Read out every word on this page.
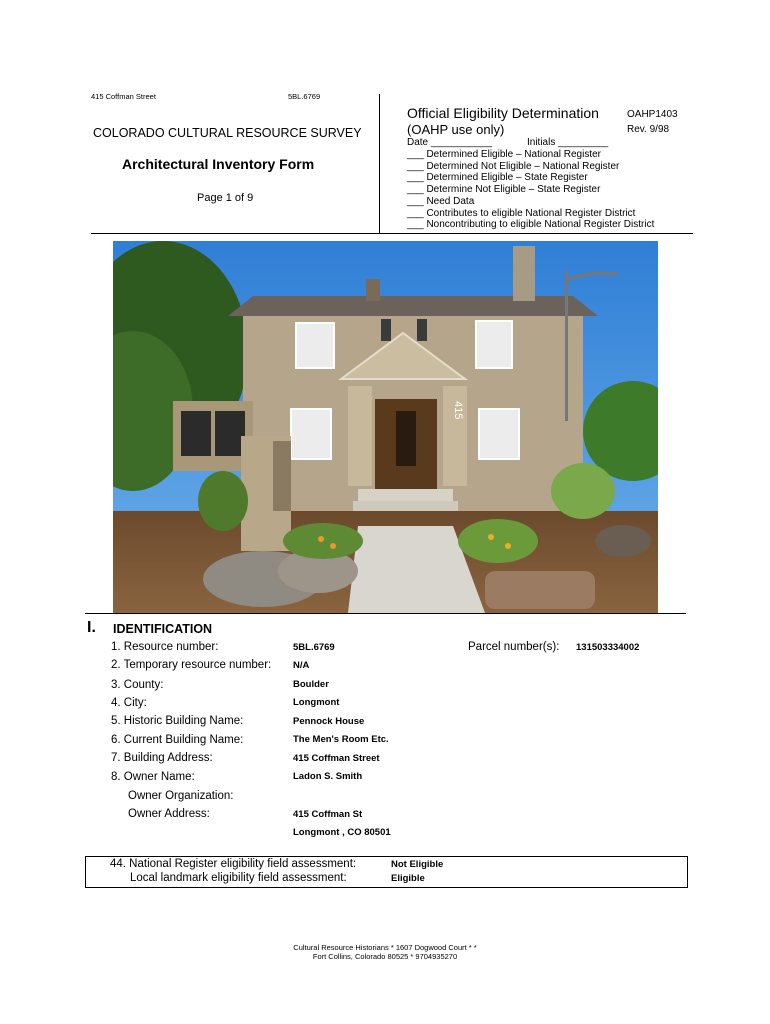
415 Coffman Street	5BL.6769
COLORADO CULTURAL RESOURCE SURVEY
Architectural Inventory Form
Page 1 of 9
Official Eligibility Determination	OAHP1403
(OAHP use only)	Rev. 9/98
Date ___________	Initials _________
___ Determined Eligible – National Register
___ Determined Not Eligible – National Register
___ Determined Eligible – State Register
___ Determine Not Eligible – State Register
___ Need Data
___ Contributes to eligible National Register District
___ Noncontributing to eligible National Register District
415
I. IDENTIFICATION
Parcel number(s): 131503334002
1. Resource number:	5BL.6769
2. Temporary resource number: N/A
3. County:	Boulder
4. City:	Longmont
5. Historic Building Name:	Pennock House
6. Current Building Name:	The Men's Room Etc.
7. Building Address:	415 Coffman Street
8. Owner Name:	Ladon S. Smith
Owner Organization:
Owner Address:	415 Coffman St
Longmont , CO 80501
44. National Register eligibility field assessment:	Not Eligible
Local landmark eligibility field assessment:	Eligible
Cultural Resource Historians * 1607 Dogwood Court * *
Fort Collins, Colorado 80525 * 9704935270
